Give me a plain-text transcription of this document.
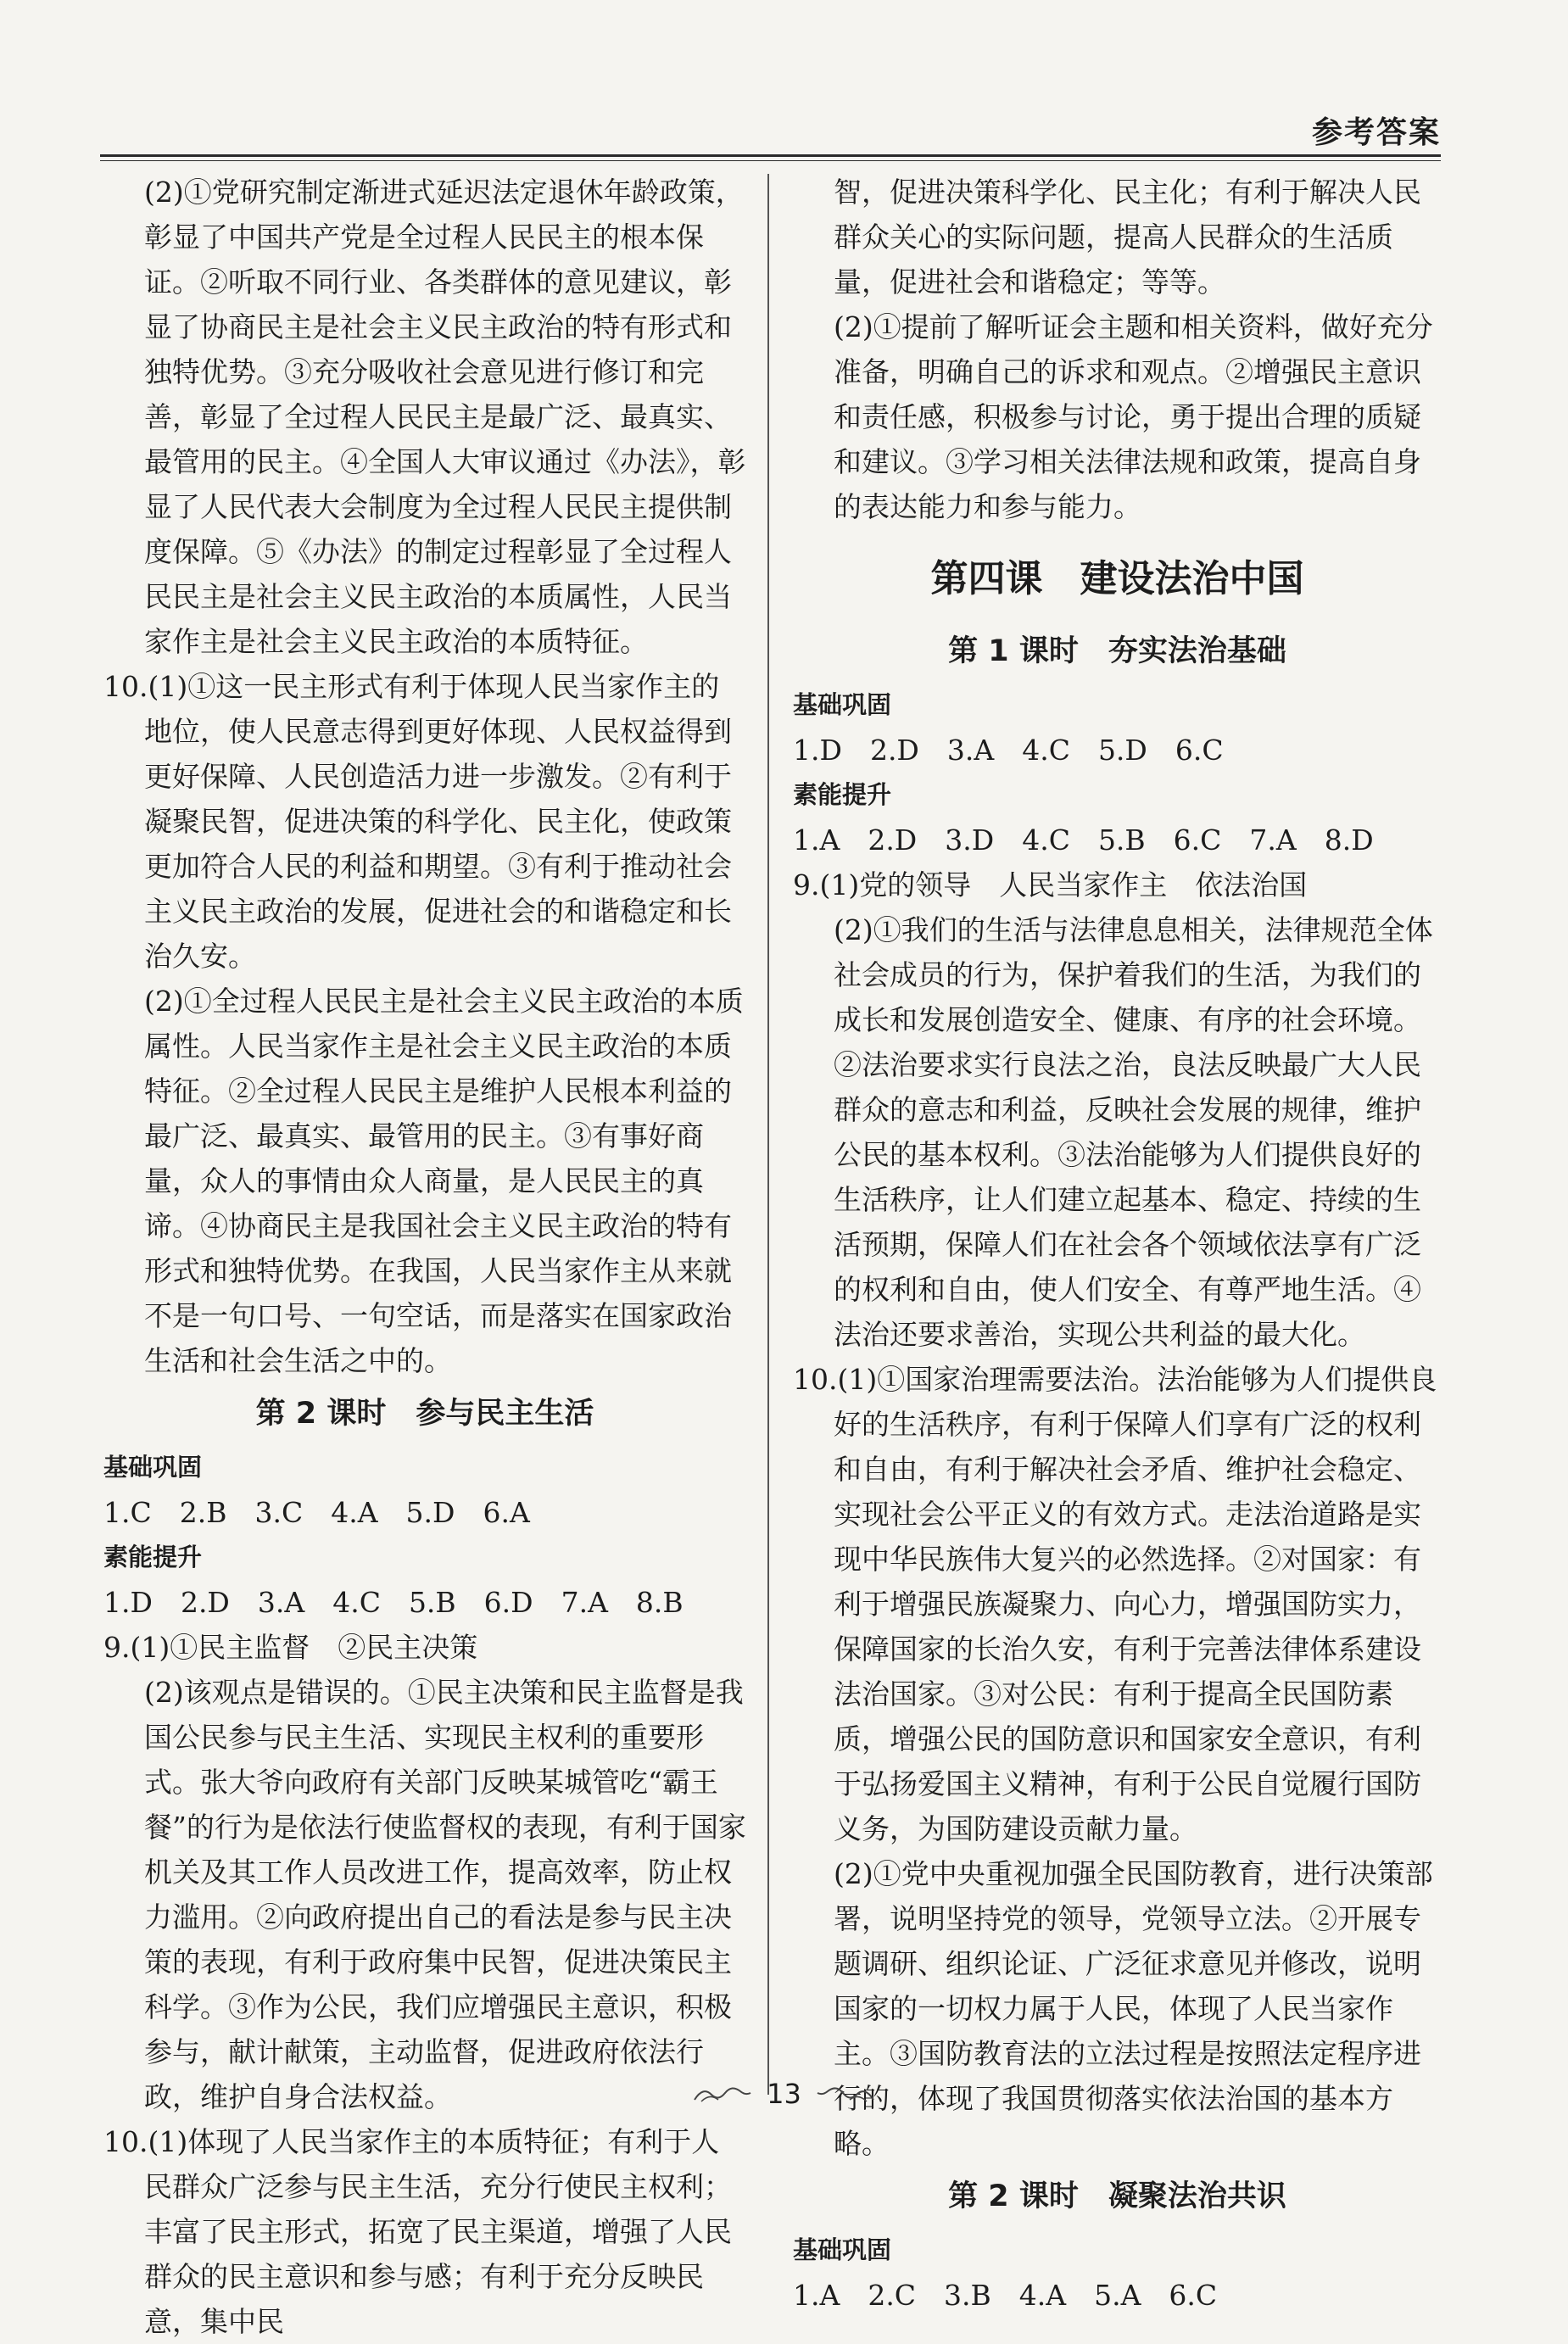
参考答案

(2)①党研究制定渐进式延迟法定退休年龄政策，彰显了中国共产党是全过程人民民主的根本保证。②听取不同行业、各类群体的意见建议，彰显了协商民主是社会主义民主政治的特有形式和独特优势。③充分吸收社会意见进行修订和完善，彰显了全过程人民民主是最广泛、最真实、最管用的民主。④全国人大审议通过《办法》，彰显了人民代表大会制度为全过程人民民主提供制度保障。⑤《办法》的制定过程彰显了全过程人民民主是社会主义民主政治的本质属性，人民当家作主是社会主义民主政治的本质特征。

10.(1)①这一民主形式有利于体现人民当家作主的地位，使人民意志得到更好体现、人民权益得到更好保障、人民创造活力进一步激发。②有利于凝聚民智，促进决策的科学化、民主化，使政策更加符合人民的利益和期望。③有利于推动社会主义民主政治的发展，促进社会的和谐稳定和长治久安。

(2)①全过程人民民主是社会主义民主政治的本质属性。人民当家作主是社会主义民主政治的本质特征。②全过程人民民主是维护人民根本利益的最广泛、最真实、最管用的民主。③有事好商量，众人的事情由众人商量，是人民民主的真谛。④协商民主是我国社会主义民主政治的特有形式和独特优势。在我国，人民当家作主从来就不是一句口号、一句空话，而是落实在国家政治生活和社会生活之中的。

第 2 课时　参与民主生活
基础巩固

1.C　2.B　3.C　4.A　5.D　6.A

素能提升

1.D　2.D　3.A　4.C　5.B　6.D　7.A　8.B

9.(1)①民主监督　②民主决策

(2)该观点是错误的。①民主决策和民主监督是我国公民参与民主生活、实现民主权利的重要形式。张大爷向政府有关部门反映某城管吃“霸王餐”的行为是依法行使监督权的表现，有利于国家机关及其工作人员改进工作，提高效率，防止权力滥用。②向政府提出自己的看法是参与民主决策的表现，有利于政府集中民智，促进决策民主科学。③作为公民，我们应增强民主意识，积极参与，献计献策，主动监督，促进政府依法行政，维护自身合法权益。

10.(1)体现了人民当家作主的本质特征；有利于人民群众广泛参与民主生活，充分行使民主权利；丰富了民主形式，拓宽了民主渠道，增强了人民群众的民主意识和参与感；有利于充分反映民意，集中民

智，促进决策科学化、民主化；有利于解决人民群众关心的实际问题，提高人民群众的生活质量，促进社会和谐稳定；等等。

(2)①提前了解听证会主题和相关资料，做好充分准备，明确自己的诉求和观点。②增强民主意识和责任感，积极参与讨论，勇于提出合理的质疑和建议。③学习相关法律法规和政策，提高自身的表达能力和参与能力。

第四课　建设法治中国
第 1 课时　夯实法治基础
基础巩固

1.D　2.D　3.A　4.C　5.D　6.C

素能提升

1.A　2.D　3.D　4.C　5.B　6.C　7.A　8.D

9.(1)党的领导　人民当家作主　依法治国

(2)①我们的生活与法律息息相关，法律规范全体社会成员的行为，保护着我们的生活，为我们的成长和发展创造安全、健康、有序的社会环境。②法治要求实行良法之治，良法反映最广大人民群众的意志和利益，反映社会发展的规律，维护公民的基本权利。③法治能够为人们提供良好的生活秩序，让人们建立起基本、稳定、持续的生活预期，保障人们在社会各个领域依法享有广泛的权利和自由，使人们安全、有尊严地生活。④法治还要求善治，实现公共利益的最大化。

10.(1)①国家治理需要法治。法治能够为人们提供良好的生活秩序，有利于保障人们享有广泛的权利和自由，有利于解决社会矛盾、维护社会稳定、实现社会公平正义的有效方式。走法治道路是实现中华民族伟大复兴的必然选择。②对国家：有利于增强民族凝聚力、向心力，增强国防实力，保障国家的长治久安，有利于完善法律体系建设法治国家。③对公民：有利于提高全民国防素质，增强公民的国防意识和国家安全意识，有利于弘扬爱国主义精神，有利于公民自觉履行国防义务，为国防建设贡献力量。

(2)①党中央重视加强全民国防教育，进行决策部署，说明坚持党的领导，党领导立法。②开展专题调研、组织论证、广泛征求意见并修改，说明国家的一切权力属于人民，体现了人民当家作主。③国防教育法的立法过程是按照法定程序进行的，体现了我国贯彻落实依法治国的基本方略。

第 2 课时　凝聚法治共识
基础巩固

1.A　2.C　3.B　4.A　5.A　6.C

13
